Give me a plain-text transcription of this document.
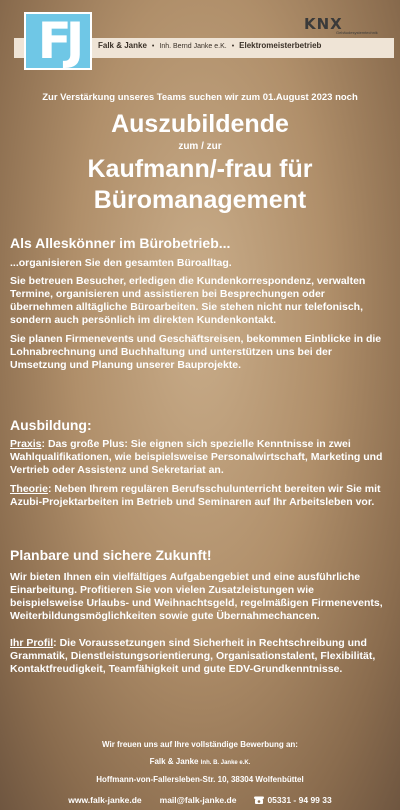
FJ Falk & Janke • Inh. Bernd Janke e.K. • Elektromeisterbetrieb
KNX
Gebäudesystemtechnik
Zur Verstärkung unseres Teams suchen wir zum 01.August 2023 noch
Auszubildende
zum / zur
Kaufmann/-frau für
Büromanagement
Als Alleskönner im Bürobetrieb...
...organisieren Sie den gesamten Büroalltag.
Sie betreuen Besucher, erledigen die Kundenkorrespondenz, verwalten Termine, organisieren und assistieren bei Besprechungen oder übernehmen alltägliche Büroarbeiten. Sie stehen nicht nur telefonisch, sondern auch persönlich im direkten Kundenkontakt.
Sie planen Firmenevents und Geschäftsreisen, bekommen Einblicke in die Lohnabrechnung und Buchhaltung und unterstützen uns bei der Umsetzung und Planung unserer Bauprojekte.
Ausbildung:
Praxis: Das große Plus: Sie eignen sich spezielle Kenntnisse in zwei Wahlqualifikationen, wie beispielsweise Personalwirtschaft, Marketing und Vertrieb oder Assistenz und Sekretariat an.
Theorie: Neben Ihrem regulären Berufsschulunterricht bereiten wir Sie mit Azubi-Projektarbeiten im Betrieb und Seminaren auf Ihr Arbeitsleben vor.
Planbare und sichere Zukunft!
Wir bieten Ihnen ein vielfältiges Aufgabengebiet und eine ausführliche Einarbeitung. Profitieren Sie von vielen Zusatzleistungen wie beispielsweise Urlaubs- und Weihnachtsgeld, regelmäßigen Firmenevents, Weiterbildungsmöglichkeiten sowie gute Übernahmechancen.
Ihr Profil: Die Voraussetzungen sind Sicherheit in Rechtschreibung und Grammatik, Dienstleistungsorientierung, Organisationstalent, Flexibilität, Kontaktfreudigkeit, Teamfähigkeit und gute EDV-Grundkenntnisse.
Wir freuen uns auf Ihre vollständige Bewerbung an:
Falk & Janke Inh. B. Janke e.K.
Hoffmann-von-Fallersleben-Str. 10, 38304 Wolfenbüttel
www.falk-janke.de mail@falk-janke.de	05331 - 94 99 33
